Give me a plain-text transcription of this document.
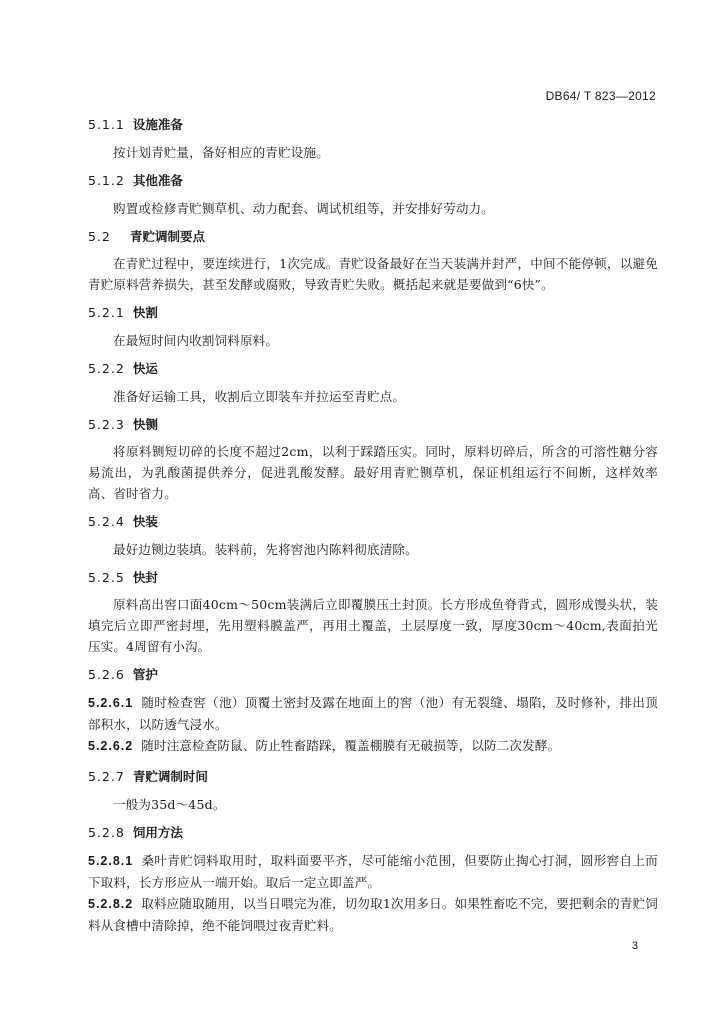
DB64/ T 823—2012
5.1.1 设施准备

按计划青贮量，备好相应的青贮设施。

5.1.2 其他准备

购置或检修青贮铡草机、动力配套、调试机组等，并安排好劳动力。

5.2 青贮调制要点

在青贮过程中，要连续进行，1次完成。青贮设备最好在当天装满并封严，中间不能停顿，以避免青贮原料营养损失，甚至发酵或腐败，导致青贮失败。概括起来就是要做到“6快”。

5.2.1 快割

在最短时间内收割饲料原料。

5.2.2 快运

准备好运输工具，收割后立即装车并拉运至青贮点。

5.2.3 快铡

将原料铡短切碎的长度不超过2cm，以利于踩踏压实。同时，原料切碎后，所含的可溶性糖分容易流出，为乳酸菌提供养分，促进乳酸发酵。最好用青贮铡草机，保证机组运行不间断，这样效率高、省时省力。

5.2.4 快装

最好边铡边装填。装料前，先将窖池内陈料彻底清除。

5.2.5 快封

原料高出窖口面40cm～50cm装满后立即覆膜压土封顶。长方形成鱼脊背式，圆形成馒头状，装填完后立即严密封埋，先用塑料膜盖严，再用土覆盖，土层厚度一致，厚度30cm～40cm,表面拍光压实。4周留有小沟。

5.2.6 管护

5.2.6.1 随时检查窖（池）顶覆土密封及露在地面上的窖（池）有无裂缝、塌陷，及时修补，排出顶部积水，以防透气浸水。

5.2.6.2 随时注意检查防鼠、防止牲畜踏踩，覆盖棚膜有无破损等，以防二次发酵。

5.2.7 青贮调制时间

一般为35d～45d。

5.2.8 饲用方法

5.2.8.1 桑叶青贮饲料取用时，取料面要平齐，尽可能缩小范围，但要防止掏心打洞，圆形窖自上而下取料，长方形应从一端开始。取后一定立即盖严。

5.2.8.2 取料应随取随用，以当日喂完为准，切勿取1次用多日。如果牲畜吃不完，要把剩余的青贮饲料从食槽中清除掉，绝不能饲喂过夜青贮料。

3
